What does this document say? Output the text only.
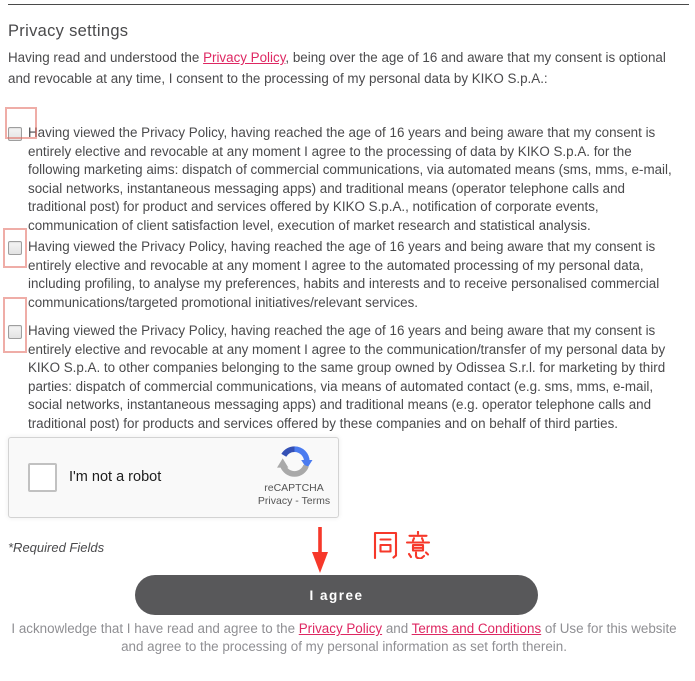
Privacy settings

Having read and understood the Privacy Policy, being over the age of 16 and aware that my consent is optional and revocable at any time, I consent to the processing of my personal data by KIKO S.p.A.:

Having viewed the Privacy Policy, having reached the age of 16 years and being aware that my consent is entirely elective and revocable at any moment I agree to the processing of data by KIKO S.p.A. for the following marketing aims: dispatch of commercial communications, via automated means (sms, mms, e-mail, social networks, instantaneous messaging apps) and traditional means (operator telephone calls and traditional post) for product and services offered by KIKO S.p.A., notification of corporate events, communication of client satisfaction level, execution of market research and statistical analysis.
Having viewed the Privacy Policy, having reached the age of 16 years and being aware that my consent is entirely elective and revocable at any moment I agree to the automated processing of my personal data, including profiling, to analyse my preferences, habits and interests and to receive personalised commercial communications/targeted promotional initiatives/relevant services.
Having viewed the Privacy Policy, having reached the age of 16 years and being aware that my consent is entirely elective and revocable at any moment I agree to the communication/transfer of my personal data by KIKO S.p.A. to other companies belonging to the same group owned by Odissea S.r.l. for marketing by third parties: dispatch of commercial communications, via means of automated contact (e.g. sms, mms, e-mail, social networks, instantaneous messaging apps) and traditional means (e.g. operator telephone calls and traditional post) for products and services offered by these companies and on behalf of third parties.
I'm not a robot
reCAPTCHA
Privacy - Terms

*Required Fields

I agree

I acknowledge that I have read and agree to the Privacy Policy and Terms and Conditions of Use for this website and agree to the processing of my personal information as set forth therein.
